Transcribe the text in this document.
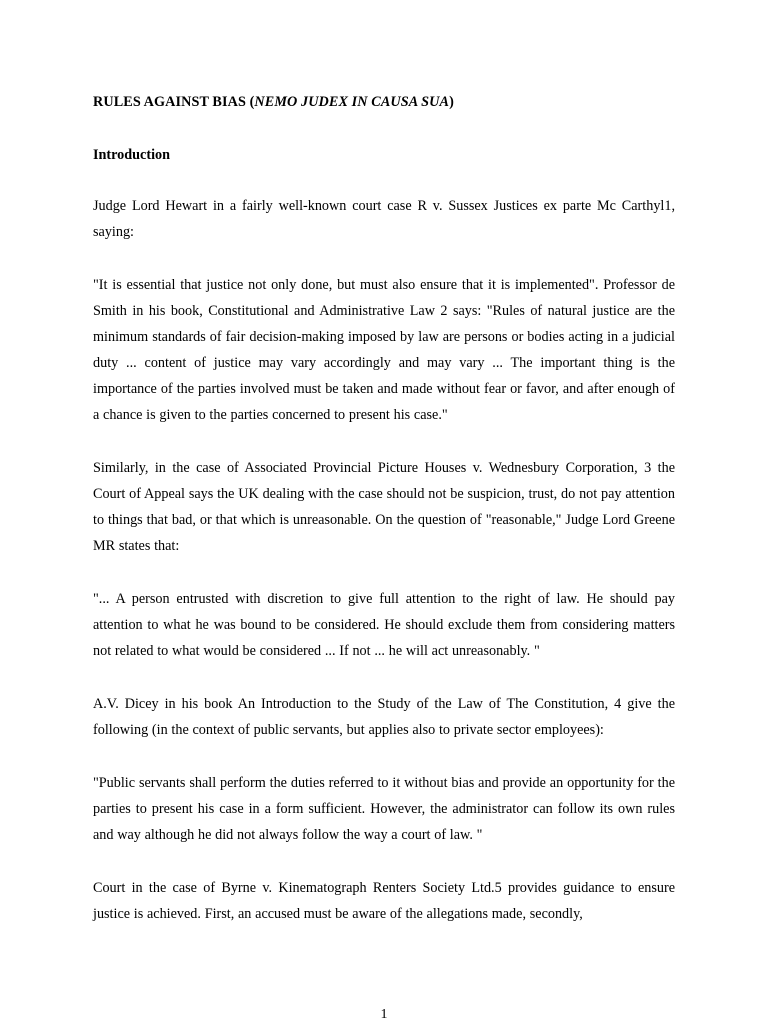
RULES AGAINST BIAS (NEMO JUDEX IN CAUSA SUA)

Introduction

Judge Lord Hewart in a fairly well-known court case R v. Sussex Justices ex parte Mc Carthyl1, saying:

"It is essential that justice not only done, but must also ensure that it is implemented". Professor de Smith in his book, Constitutional and Administrative Law 2 says: "Rules of natural justice are the minimum standards of fair decision-making imposed by law are persons or bodies acting in a judicial duty ... content of justice may vary accordingly and may vary ... The important thing is the importance of the parties involved must be taken and made without fear or favor, and after enough of a chance is given to the parties concerned to present his case."

Similarly, in the case of Associated Provincial Picture Houses v. Wednesbury Corporation, 3 the Court of Appeal says the UK dealing with the case should not be suspicion, trust, do not pay attention to things that bad, or that which is unreasonable. On the question of "reasonable," Judge Lord Greene MR states that:

"... A person entrusted with discretion to give full attention to the right of law. He should pay attention to what he was bound to be considered. He should exclude them from considering matters not related to what would be considered ... If not ... he will act unreasonably. "

A.V. Dicey in his book An Introduction to the Study of the Law of The Constitution, 4 give the following (in the context of public servants, but applies also to private sector employees):

"Public servants shall perform the duties referred to it without bias and provide an opportunity for the parties to present his case in a form sufficient. However, the administrator can follow its own rules and way although he did not always follow the way a court of law. "

Court in the case of Byrne v. Kinematograph Renters Society Ltd.5 provides guidance to ensure justice is achieved. First, an accused must be aware of the allegations made, secondly,

1
